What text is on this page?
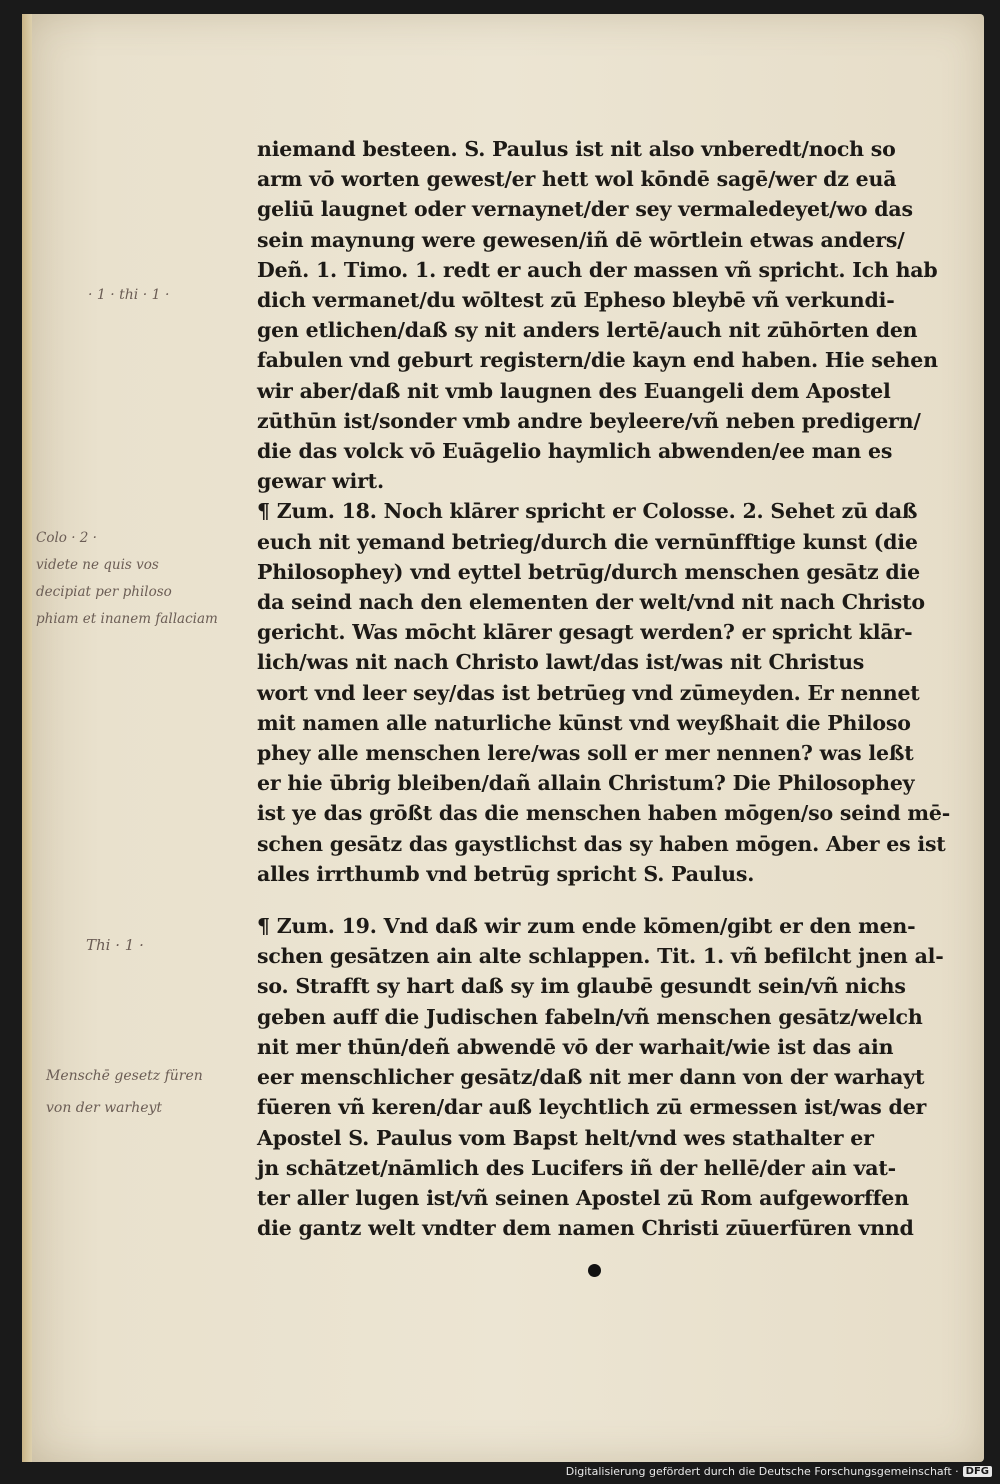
· 1 · thi · 1 ·
Colo · 2 ·
videte ne quis vos
decipiat per philoso
phiam et inanem fallaciam
Thi · 1 ·
Menschē gesetz füren
von der warheyt

niemand besteen. S. Paulus ist nit also vnberedt/noch so
arm vō worten gewest/er hett wol kōndē sagē/wer dz euā
geliū laugnet oder vernaynet/der sey vermaledeyet/wo das
sein maynung were gewesen/iñ dē wōrtlein etwas anders/
Deñ. 1. Timo. 1. redt er auch der massen vñ spricht. Ich hab
dich vermanet/du wōltest zū Epheso bleybē vñ verkundi-
gen etlichen/daß sy nit anders lertē/auch nit zūhōrten den
fabulen vnd geburt registern/die kayn end haben. Hie sehen
wir aber/daß nit vmb laugnen des Euangeli dem Apostel
zūthūn ist/sonder vmb andre beyleere/vñ neben predigern/
die das volck vō Euāgelio haymlich abwenden/ee man es
gewar wirt.

¶ Zum. 18. Noch klārer spricht er Colosse. 2. Sehet zū daß
euch nit yemand betrieg/durch die vernūnfftige kunst (die
Philosophey) vnd eyttel betrūg/durch menschen gesātz die
da seind nach den elementen der welt/vnd nit nach Christo
gericht. Was mōcht klārer gesagt werden? er spricht klār-
lich/was nit nach Christo lawt/das ist/was nit Christus
wort vnd leer sey/das ist betrūeg vnd zūmeyden. Er nennet
mit namen alle naturliche kūnst vnd weyßhait die Philoso
phey alle menschen lere/was soll er mer nennen? was leßt
er hie ūbrig bleiben/dañ allain Christum? Die Philosophey
ist ye das grōßt das die menschen haben mōgen/so seind mē-
schen gesātz das gaystlichst das sy haben mōgen. Aber es ist
alles irrthumb vnd betrūg spricht S. Paulus.

¶ Zum. 19. Vnd daß wir zum ende kōmen/gibt er den men-
schen gesātzen ain alte schlappen. Tit. 1. vñ befilcht jnen al-
so. Strafft sy hart daß sy im glaubē gesundt sein/vñ nichs
geben auff die Judischen fabeln/vñ menschen gesātz/welch
nit mer thūn/deñ abwendē vō der warhait/wie ist das ain
eer menschlicher gesātz/daß nit mer dann von der warhayt
fūeren vñ keren/dar auß leychtlich zū ermessen ist/was der
Apostel S. Paulus vom Bapst helt/vnd wes stathalter er
jn schātzet/nāmlich des Lucifers iñ der hellē/der ain vat-
ter aller lugen ist/vñ seinen Apostel zū Rom aufgeworffen
die gantz welt vndter dem namen Christi zūuerfūren vnnd

Digitalisierung gefördert durch die Deutsche Forschungsgemeinschaft · DFG
